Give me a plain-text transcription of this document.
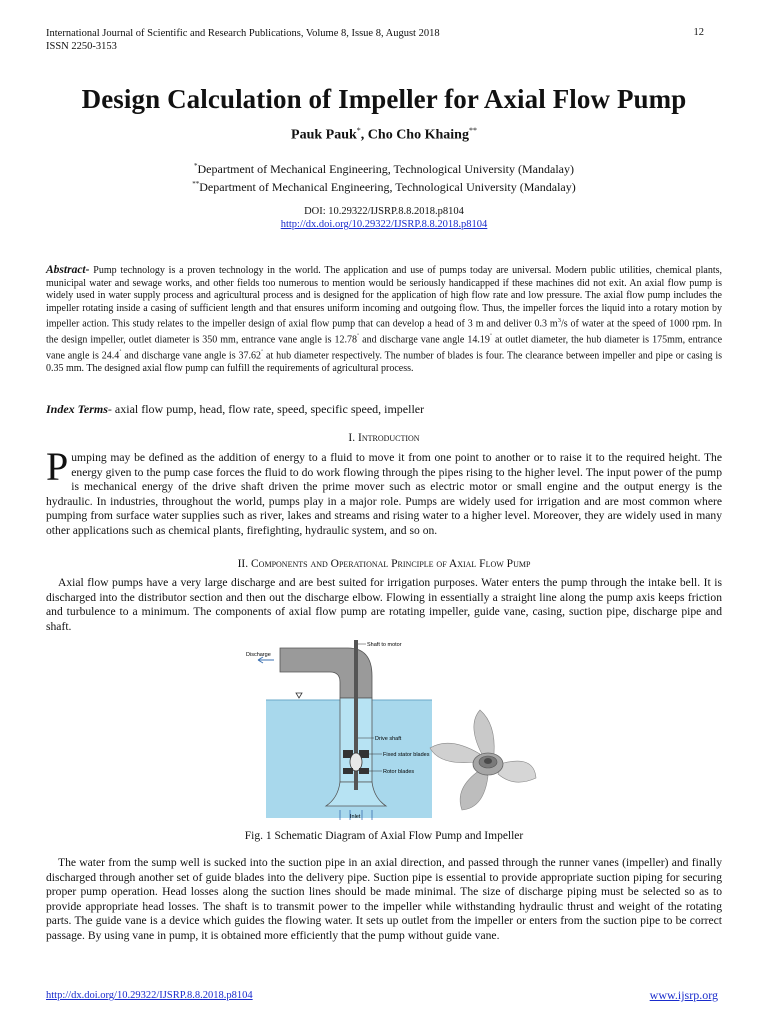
International Journal of Scientific and Research Publications, Volume 8, Issue 8, August 2018
ISSN 2250-3153
12
Design Calculation of Impeller for Axial Flow Pump
Pauk Pauk*, Cho Cho Khaing**
*Department of Mechanical Engineering, Technological University (Mandalay)
**Department of Mechanical Engineering, Technological University (Mandalay)
DOI: 10.29322/IJSRP.8.8.2018.p8104
http://dx.doi.org/10.29322/IJSRP.8.8.2018.p8104
Abstract- Pump technology is a proven technology in the world. The application and use of pumps today are universal. Modern public utilities, chemical plants, municipal water and sewage works, and other fields too numerous to mention would be seriously handicapped if these machines did not exit. An axial flow pump is widely used in water supply process and agricultural process and is designed for the application of high flow rate and low pressure. The axial flow pump includes the impeller rotating inside a casing of sufficient length and that ensures uniform incoming and outgoing flow. Thus, the impeller forces the liquid into a rotary motion by impeller action. This study relates to the impeller design of axial flow pump that can develop a head of 3 m and deliver 0.3 $m^3/s$ of water at the speed of 1000 rpm. In the design impeller, outlet diameter is 350 mm, entrance vane angle is 12.78˚ and discharge vane angle 14.19˚ at outlet diameter, the hub diameter is 175mm, entrance vane angle is 24.4˚ and discharge vane angle is 37.62˚ at hub diameter respectively. The number of blades is four. The clearance between impeller and pipe or casing is 0.35 mm. The designed axial flow pump can fulfill the requirements of agricultural process.
Index Terms- axial flow pump, head, flow rate, speed, specific speed, impeller
I. Introduction
Pumping may be defined as the addition of energy to a fluid to move it from one point to another or to raise it to the required height. The energy given to the pump case forces the fluid to do work flowing through the pipes rising to the higher level. The input power of the pump is mechanical energy of the drive shaft driven the prime mover such as electric motor or small engine and the output energy is the hydraulic. In industries, throughout the world, pumps play in a major role. Pumps are widely used for irrigation and are most common where pumping from surface water supplies such as river, lakes and streams and rising water to a higher level. Moreover, they are widely used in many other applications such as chemical plants, firefighting, hydraulic system, and so on.
II. Components and Operational Principle of Axial Flow Pump
Axial flow pumps have a very large discharge and are best suited for irrigation purposes. Water enters the pump through the intake bell. It is discharged into the distributor section and then out the discharge elbow. Flowing in essentially a straight line along the pump axis keeps friction and turbulence to a minimum. The components of axial flow pump are rotating impeller, guide vane, casing, suction pipe, discharge pipe and shaft.
Shaft to motor
Discharge
Drive shaft
Fixed stator blades
Rotor blades
Inlet
Fig. 1 Schematic Diagram of Axial Flow Pump and Impeller
The water from the sump well is sucked into the suction pipe in an axial direction, and passed through the runner vanes (impeller) and finally discharged through another set of guide blades into the delivery pipe. Suction pipe is essential to provide appropriate suction piping for securing proper pump operation. Head losses along the suction lines should be made minimal. The size of discharge piping must be selected so as to provide appropriate head losses. The shaft is to transmit power to the impeller while withstanding hydraulic thrust and weight of the rotating parts. The guide vane is a device which guides the flowing water. It sets up outlet from the impeller or enters from the suction pipe to be correct passage. By using vane in pump, it is obtained more efficiently that the pump without guide vane.
http://dx.doi.org/10.29322/IJSRP.8.8.2018.p8104	www.ijsrp.org
